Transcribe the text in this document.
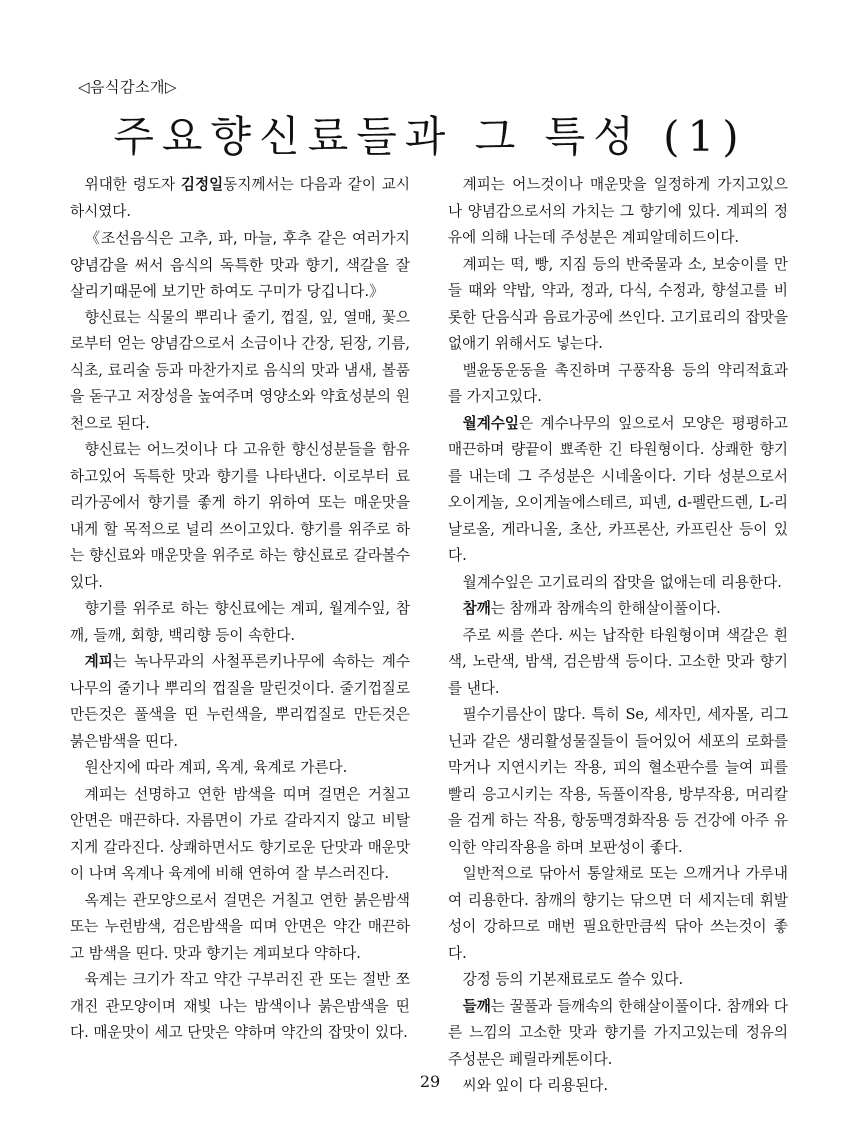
◁음식감소개▷
주요향신료들과 그 특성 (1)

위대한 령도자 김정일동지께서는 다음과 같이 교시하시였다.

《조선음식은 고추, 파, 마늘, 후추 같은 여러가지 양념감을 써서 음식의 독특한 맛과 향기, 색갈을 잘 살리기때문에 보기만 하여도 구미가 당깁니다.》

향신료는 식물의 뿌리나 줄기, 껍질, 잎, 열매, 꽃으로부터 얻는 양념감으로서 소금이나 간장, 된장, 기름, 식초, 료리술 등과 마찬가지로 음식의 맛과 냄새, 볼품을 돋구고 저장성을 높여주며 영양소와 약효성분의 원천으로 된다.

향신료는 어느것이나 다 고유한 향신성분들을 함유하고있어 독특한 맛과 향기를 나타낸다. 이로부터 료리가공에서 향기를 좋게 하기 위하여 또는 매운맛을 내게 할 목적으로 널리 쓰이고있다. 향기를 위주로 하는 향신료와 매운맛을 위주로 하는 향신료로 갈라볼수 있다.

향기를 위주로 하는 향신료에는 계피, 월계수잎, 참깨, 들깨, 회향, 백리향 등이 속한다.

계피는 녹나무과의 사철푸른키나무에 속하는 계수나무의 줄기나 뿌리의 껍질을 말린것이다. 줄기껍질로 만든것은 풀색을 띤 누런색을, 뿌리껍질로 만든것은 붉은밤색을 띤다.

원산지에 따라 계피, 옥계, 육계로 가른다.

계피는 선명하고 연한 밤색을 띠며 걸면은 거칠고 안면은 매끈하다. 자름면이 가로 갈라지지 않고 비탈지게 갈라진다. 상쾌하면서도 향기로운 단맛과 매운맛이 나며 옥계나 육계에 비해 연하여 잘 부스러진다.

옥계는 관모양으로서 걸면은 거칠고 연한 붉은밤색 또는 누런밤색, 검은밤색을 띠며 안면은 약간 매끈하고 밤색을 띤다. 맛과 향기는 계피보다 약하다.

육계는 크기가 작고 약간 구부러진 관 또는 절반 쪼개진 관모양이며 재빛 나는 밤색이나 붉은밤색을 띤다. 매운맛이 세고 단맛은 약하며 약간의 잡맛이 있다.

계피는 어느것이나 매운맛을 일정하게 가지고있으나 양념감으로서의 가치는 그 향기에 있다. 계피의 정유에 의해 나는데 주성분은 계피알데히드이다.

계피는 떡, 빵, 지짐 등의 반죽물과 소, 보숭이를 만들 때와 약밥, 약과, 정과, 다식, 수정과, 향설고를 비롯한 단음식과 음료가공에 쓰인다. 고기료리의 잡맛을 없애기 위해서도 넣는다.

밸윤동운동을 촉진하며 구풍작용 등의 약리적효과를 가지고있다.

월계수잎은 계수나무의 잎으로서 모양은 평평하고 매끈하며 량끝이 뾰족한 긴 타원형이다. 상쾌한 향기를 내는데 그 주성분은 시네올이다. 기타 성분으로서 오이게놀, 오이게놀에스테르, 피넨, d-펠란드렌, L-리날로올, 게라니올, 초산, 카프론산, 카프린산 등이 있다.

월계수잎은 고기료리의 잡맛을 없애는데 리용한다.

참깨는 참깨과 참깨속의 한해살이풀이다.

주로 씨를 쓴다. 씨는 납작한 타원형이며 색갈은 흰색, 노란색, 밤색, 검은밤색 등이다. 고소한 맛과 향기를 낸다.

필수기름산이 많다. 특히 Se, 세자민, 세자몰, 리그닌과 같은 생리활성물질들이 들어있어 세포의 로화를 막거나 지연시키는 작용, 피의 혈소판수를 늘여 피를 빨리 응고시키는 작용, 독풀이작용, 방부작용, 머리칼을 검게 하는 작용, 항동맥경화작용 등 건강에 아주 유익한 약리작용을 하며 보판성이 좋다.

일반적으로 닦아서 통알채로 또는 으깨거나 가루내여 리용한다. 참깨의 향기는 닦으면 더 세지는데 휘발성이 강하므로 매번 필요한만큼씩 닦아 쓰는것이 좋다.

강정 등의 기본재료로도 쓸수 있다.

들깨는 꿀풀과 들깨속의 한해살이풀이다. 참깨와 다른 느낌의 고소한 맛과 향기를 가지고있는데 정유의 주성분은 페릴라케톤이다.

씨와 잎이 다 리용된다.

29
